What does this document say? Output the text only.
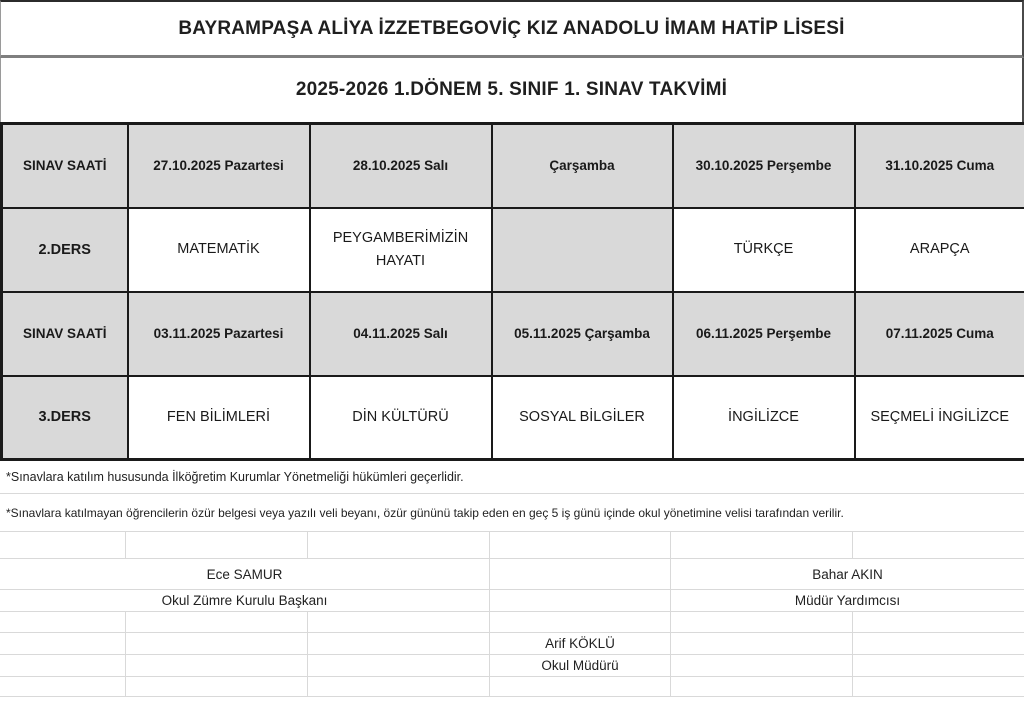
BAYRAMPAŞA ALİYA İZZETBEGOVİÇ KIZ ANADOLU İMAM HATİP LİSESİ
2025-2026 1.DÖNEM 5. SINIF 1. SINAV TAKVİMİ
SINAV SAATİ	27.10.2025 Pazartesi	28.10.2025 Salı	Çarşamba	30.10.2025 Perşembe	31.10.2025 Cuma
2.DERS	MATEMATİK	PEYGAMBERİMİZİN HAYATI		TÜRKÇE	ARAPÇA
SINAV SAATİ	03.11.2025 Pazartesi	04.11.2025 Salı	05.11.2025 Çarşamba	06.11.2025 Perşembe	07.11.2025 Cuma
3.DERS	FEN BİLİMLERİ	DİN KÜLTÜRÜ	SOSYAL BİLGİLER	İNGİLİZCE	SEÇMELİ İNGİLİZCE
*Sınavlara katılım hususunda İlköğretim Kurumlar Yönetmeliği hükümleri geçerlidir.
*Sınavlara katılmayan öğrencilerin özür belgesi veya yazılı veli beyanı, özür gününü takip eden en geç 5 iş günü içinde okul yönetimine velisi tarafından verilir.
Ece SAMUR	Bahar AKIN
Okul Zümre Kurulu Başkanı	Müdür Yardımcısı
Arif KÖKLÜ
Okul Müdürü
